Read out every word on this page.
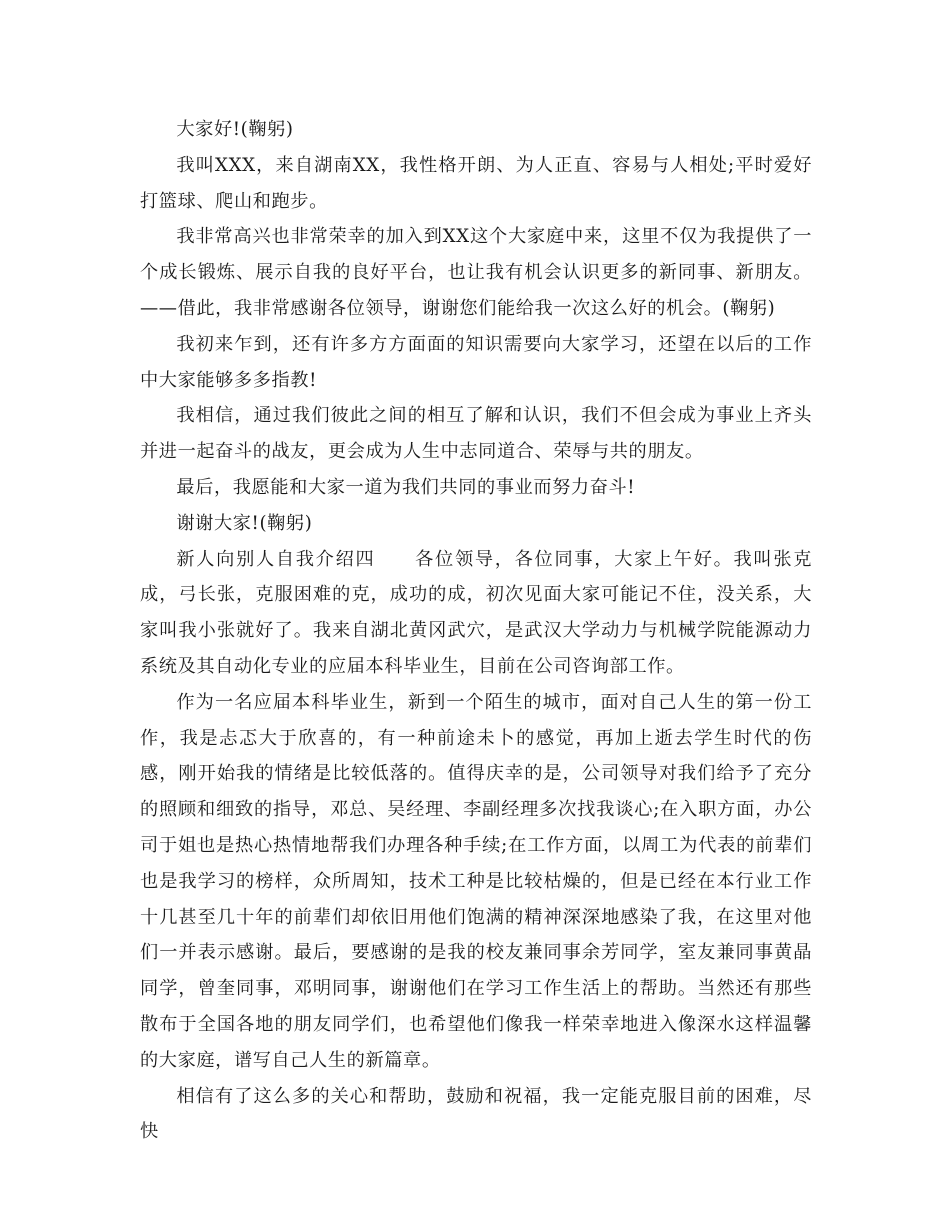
大家好!(鞠躬)

我叫XXX，来自湖南XX，我性格开朗、为人正直、容易与人相处;平时爱好打篮球、爬山和跑步。

我非常高兴也非常荣幸的加入到XX这个大家庭中来，这里不仅为我提供了一个成长锻炼、展示自我的良好平台，也让我有机会认识更多的新同事、新朋友。——借此，我非常感谢各位领导，谢谢您们能给我一次这么好的机会。(鞠躬)

我初来乍到，还有许多方方面面的知识需要向大家学习，还望在以后的工作中大家能够多多指教!

我相信，通过我们彼此之间的相互了解和认识，我们不但会成为事业上齐头并进一起奋斗的战友，更会成为人生中志同道合、荣辱与共的朋友。

最后，我愿能和大家一道为我们共同的事业而努力奋斗!

谢谢大家!(鞠躬)

新人向别人自我介绍四　　各位领导，各位同事，大家上午好。我叫张克成，弓长张，克服困难的克，成功的成，初次见面大家可能记不住，没关系，大家叫我小张就好了。我来自湖北黄冈武穴，是武汉大学动力与机械学院能源动力系统及其自动化专业的应届本科毕业生，目前在公司咨询部工作。

作为一名应届本科毕业生，新到一个陌生的城市，面对自己人生的第一份工作，我是忐忑大于欣喜的，有一种前途未卜的感觉，再加上逝去学生时代的伤感，刚开始我的情绪是比较低落的。值得庆幸的是，公司领导对我们给予了充分的照顾和细致的指导，邓总、吴经理、李副经理多次找我谈心;在入职方面，办公司于姐也是热心热情地帮我们办理各种手续;在工作方面，以周工为代表的前辈们也是我学习的榜样，众所周知，技术工种是比较枯燥的，但是已经在本行业工作十几甚至几十年的前辈们却依旧用他们饱满的精神深深地感染了我，在这里对他们一并表示感谢。最后，要感谢的是我的校友兼同事余芳同学，室友兼同事黄晶同学，曾奎同事，邓明同事，谢谢他们在学习工作生活上的帮助。当然还有那些散布于全国各地的朋友同学们，也希望他们像我一样荣幸地进入像深水这样温馨的大家庭，谱写自己人生的新篇章。

相信有了这么多的关心和帮助，鼓励和祝福，我一定能克服目前的困难，尽快
